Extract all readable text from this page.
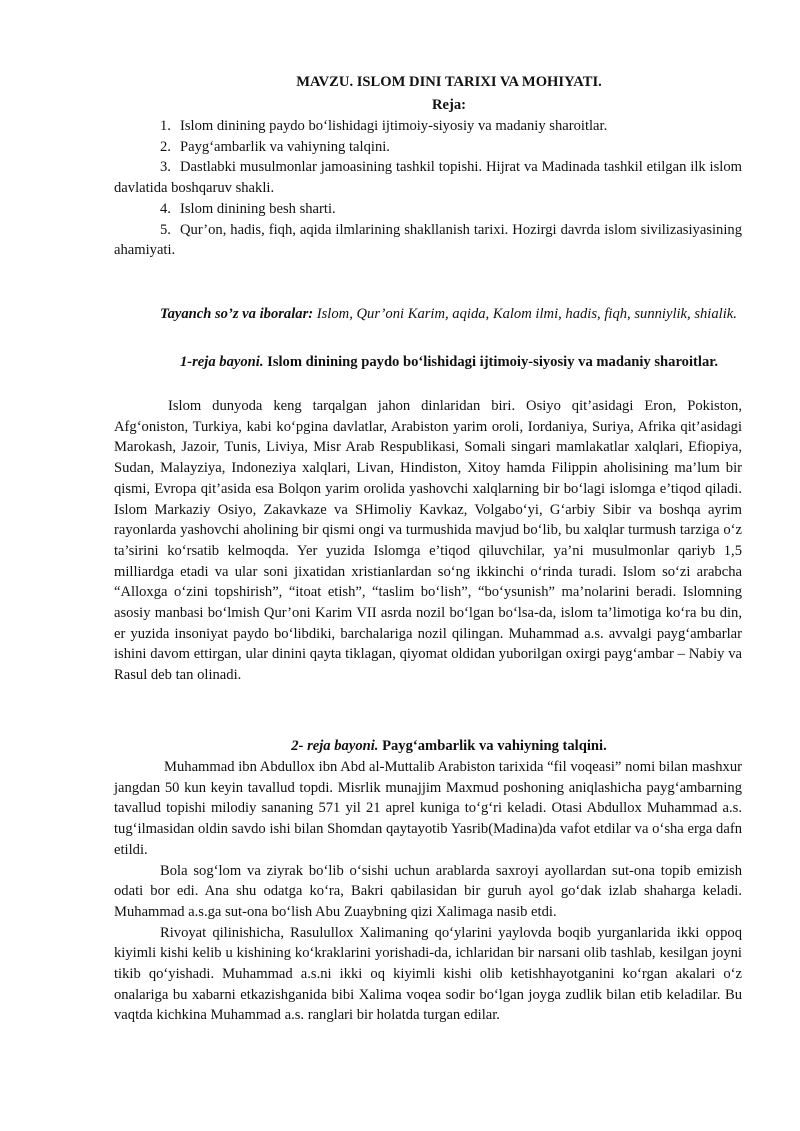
MAVZU. ISLOM DINI TARIXI VA MOHIYATI.
Reja:

1. Islom dinining paydo bo‘lishidagi ijtimoiy-siyosiy va madaniy sharoitlar.

2. Payg‘ambarlik va vahiyning talqini.

3. Dastlabki musulmonlar jamoasining tashkil topishi. Hijrat va Madinada tashkil etilgan ilk islom davlatida boshqaruv shakli.

4. Islom dinining besh sharti.

5. Qur’on, hadis, fiqh, aqida ilmlarining shakllanish tarixi. Hozirgi davrda islom sivilizasiyasining ahamiyati.

Tayanch so’z va iboralar: Islom, Qur’oni Karim, aqida, Kalom ilmi, hadis, fiqh, sunniylik, shialik.

1-reja bayoni. Islom dinining paydo bo‘lishidagi ijtimoiy-siyosiy va madaniy sharoitlar.

Islom dunyoda keng tarqalgan jahon dinlaridan biri. Osiyo qit’asidagi Eron, Pokiston, Afg‘oniston, Turkiya, kabi ko‘pgina davlatlar, Arabiston yarim oroli, Iordaniya, Suriya, Afrika qit’asidagi Marokash, Jazoir, Tunis, Liviya, Misr Arab Respublikasi, Somali singari mamlakatlar xalqlari, Efiopiya, Sudan, Malayziya, Indoneziya xalqlari, Livan, Hindiston, Xitoy hamda Filippin aholisining ma’lum bir qismi, Evropa qit’asida esa Bolqon yarim orolida yashovchi xalqlarning bir bo‘lagi islomga e’tiqod qiladi. Islom Markaziy Osiyo, Zakavkaze va SHimoliy Kavkaz, Volgabo‘yi, G‘arbiy Sibir va boshqa ayrim rayonlarda yashovchi aholining bir qismi ongi va turmushida mavjud bo‘lib, bu xalqlar turmush tarziga o‘z ta’sirini ko‘rsatib kelmoqda. Yer yuzida Islomga e’tiqod qiluvchilar, ya’ni musulmonlar qariyb 1,5 milliardga etadi va ular soni jixatidan xristianlardan so‘ng ikkinchi o‘rinda turadi. Islom so‘zi arabcha “Alloxga o‘zini topshirish”, “itoat etish”, “taslim bo‘lish”, “bo‘ysunish” ma’nolarini beradi. Islomning asosiy manbasi bo‘lmish Qur’oni Karim VII asrda nozil bo‘lgan bo‘lsa-da, islom ta’limotiga ko‘ra bu din, er yuzida insoniyat paydo bo‘libdiki, barchalariga nozil qilingan. Muhammad a.s. avvalgi payg‘ambarlar ishini davom ettirgan, ular dinini qayta tiklagan, qiyomat oldidan yuborilgan oxirgi payg‘ambar – Nabiy va Rasul deb tan olinadi.

2- reja bayoni. Payg‘ambarlik va vahiyning talqini.

Muhammad ibn Abdullox ibn Abd al-Muttalib Arabiston tarixida “fil voqeasi” nomi bilan mashxur jangdan 50 kun keyin tavallud topdi. Misrlik munajjim Maxmud poshoning aniqlashicha payg‘ambarning tavallud topishi milodiy sananing 571 yil 21 aprel kuniga to‘g‘ri keladi. Otasi Abdullox Muhammad a.s. tug‘ilmasidan oldin savdo ishi bilan Shomdan qaytayotib Yasrib(Madina)da vafot etdilar va o‘sha erga dafn etildi.

Bola sog‘lom va ziyrak bo‘lib o‘sishi uchun arablarda saxroyi ayollardan sut-ona topib emizish odati bor edi. Ana shu odatga ko‘ra, Bakri qabilasidan bir guruh ayol go‘dak izlab shaharga keladi. Muhammad a.s.ga sut-ona bo‘lish Abu Zuaybning qizi Xalimaga nasib etdi.

Rivoyat qilinishicha, Rasulullox Xalimaning qo‘ylarini yaylovda boqib yurganlarida ikki oppoq kiyimli kishi kelib u kishining ko‘kraklarini yorishadi-da, ichlaridan bir narsani olib tashlab, kesilgan joyni tikib qo‘yishadi. Muhammad a.s.ni ikki oq kiyimli kishi olib ketishhayotganini ko‘rgan akalari o‘z onalariga bu xabarni etkazishganida bibi Xalima voqea sodir bo‘lgan joyga zudlik bilan etib keladilar. Bu vaqtda kichkina Muhammad a.s. ranglari bir holatda turgan edilar.
